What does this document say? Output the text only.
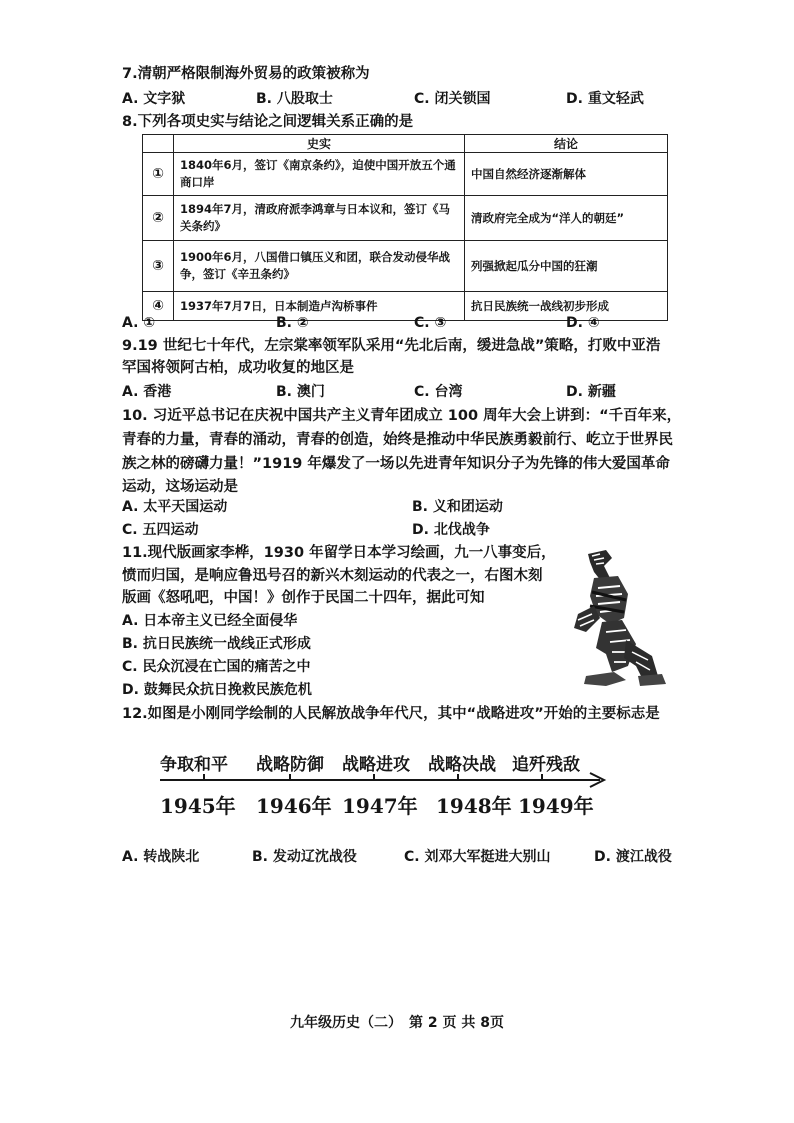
7.清朝严格限制海外贸易的政策被称为
A. 文字狱	B. 八股取士	C. 闭关锁国	D. 重文轻武
8.下列各项史实与结论之间逻辑关系正确的是
	史实	结论
①	1840年6月，签订《南京条约》，迫使中国开放五个通商口岸	中国自然经济逐渐解体
②	1894年7月，清政府派李鸿章与日本议和，签订《马关条约》	清政府完全成为“洋人的朝廷”
③	1900年6月，八国借口镇压义和团，联合发动侵华战争，签订《辛丑条约》	列强掀起瓜分中国的狂潮
④	1937年7月7日，日本制造卢沟桥事件	抗日民族统一战线初步形成
A. ①	B. ②	C. ③	D. ④
9.19 世纪七十年代，左宗棠率领军队采用“先北后南，缓进急战”策略，打败中亚浩
罕国将领阿古柏，成功收复的地区是
A. 香港	B. 澳门	C. 台湾	D. 新疆
10. 习近平总书记在庆祝中国共产主义青年团成立 100 周年大会上讲到：“千百年来，
青春的力量，青春的涌动，青春的创造，始终是推动中华民族勇毅前行、屹立于世界民
族之林的磅礴力量！”1919 年爆发了一场以先进青年知识分子为先锋的伟大爱国革命
运动，这场运动是
A. 太平天国运动	B. 义和团运动
C. 五四运动	D. 北伐战争
11.现代版画家李桦，1930 年留学日本学习绘画，九一八事变后，
愤而归国，是响应鲁迅号召的新兴木刻运动的代表之一，右图木刻
版画《怒吼吧，中国！》创作于民国二十四年，据此可知
A. 日本帝主义已经全面侵华
B. 抗日民族统一战线正式形成
C. 民众沉浸在亡国的痛苦之中
D. 鼓舞民众抗日挽救民族危机
12.如图是小刚同学绘制的人民解放战争年代尺，其中“战略进攻”开始的主要标志是
争取和平 战略防御 战略进攻 战略决战 追歼残敌
1945年 1946年 1947年 1948年 1949年
A. 转战陕北	B. 发动辽沈战役	C. 刘邓大军挺进大别山	D. 渡江战役
九年级历史（二）　第 2 页 共 8页
